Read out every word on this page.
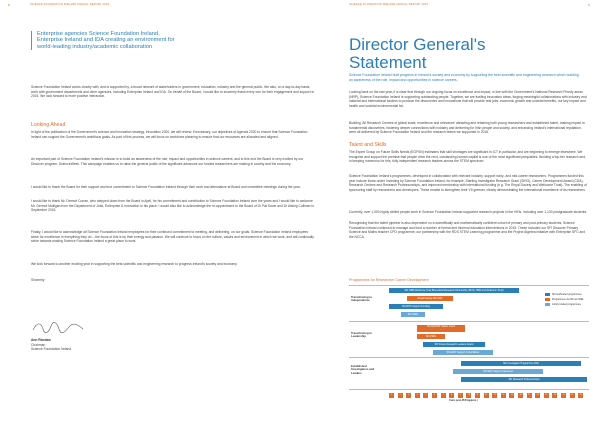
8	SCIENCE FOUNDATION IRELAND ANNUAL REPORT 2015	SCIENCE FOUNDATION IRELAND ANNUAL REPORT 2015	9
Enterprise agencies Science Foundation Ireland, Enterprise Ireland and IDA creating an environment for world-leading industry/academic collaboration

Science Foundation Ireland works closely with, and is supported by, a broad network of stakeholders in government, education, industry and the general public. We also, on a day-to-day basis, work with government departments and other agencies, including Enterprise Ireland and IDA. On behalf of the Board, I would like to sincerely thank every one for their engagement and support in 2015. We look forward to more positive interaction.

Looking Ahead

In light of the publication of the Government's science and innovation strategy, Innovation 2020, we will review, if necessary, our objectives of Agenda 2020 to ensure that Science Foundation Ireland can support the Government's ambitious goals. As part of this process, we will focus on workforce planning to ensure that our resources are allocated and aligned.

An important part of Science Foundation Ireland's mission is to build an awareness of the role, impact and opportunities in science careers, and to this end the Board is very excited by our Discover program, ScienceWeek. This campaign enables us to raise the general public of the significant advances our funded researchers are making in society and the economy.

I would like to thank the Board for their support and true commitment to Science Foundation Ireland through their work and attendance at Board and committee meetings during the year.

I would like to thank Mr. Dermot Curran, who stepped down from the Board in April, for his commitment and contribution to Science Foundation Ireland over the years and I would like to welcome Mr. Dermot Mulligan from the Department of Jobs, Enterprise & Innovation in his place. I would also like to acknowledge the re-appointment to the Board of Dr Pat Dowe and Dr Aisling Cullinan in September 2015.

Finally, I would like to acknowledge all Science Foundation Ireland employees for their continued commitment to meeting, and delivering, on our goals. Science Foundation Ireland employees strive for excellence in everything they do – the focus of this is by their energy and passion. We will continue to focus on the culture, values and environment in which we work, and will continually strive towards making Science Foundation Ireland a great place to work.

We look forward to another exciting year in supporting the best scientific and engineering research to progress Ireland's society and economy.

Sincerely

Ann Riordan

Chairman

Science Foundation Ireland

Director General's
Statement

Science Foundation Ireland built progress in Ireland's society and economy by supporting the best scientific and engineering research which building an awareness of the role, impact and opportunities in science careers.

Looking back on the last year, it is clear that through our ongoing focus on excellence and impact, in line with the Government's National Research Priority areas (NRP), Science Foundation Ireland is supporting outstanding people. Together, we are fuelling innovation ideas, forging meaningful collaborations with industry and national and international funders to produce the discoveries and innovations that will provide real jobs, economic growth and societal benefits, our key impact and health and societal environmental fat.

Building 'All Research Centres of global scale, excellence and relevance' attracting and retaining both young researchers and established talent, making impact in fundamental discoveries, fostering deeper connections with industry and delivering for Irish people and society, and enhancing Ireland's international reputation, were all delivered by Science Foundation Ireland and the research teams we supported in 2015.

Talent and Skills

The Expert Group on Future Skills Needs (EGFSN) estimates that skill shortages are significant in ICT in particular, and are beginning to emerge elsewhere. We recognise and support the premise that people drive the next, outstanding human capital is one of the most significant prequisites. Building a top-tier research and, in keeping numerous for this, fully independent research leaders across the STEM spectrum.

Science Foundation Ireland's programmes, developed in collaboration with relevant industry, support early- and mid-career researchers. Programmes funded this year include those under Investing by Science Foundation Ireland, for example, Starting Investigator Research Grant (SIRG), Career Development Award (CDA), Research Centres and Research Professorships, and improved mentorship with international funding (e.g. The Royal Society and Wellcome Trust). The enabling of sponsoring staff by researchers and developers. These enable to strengthen their VII greener, clearly demonstrating the international excellence of its researchers.

Currently, over 1,000 highly skilled people work in Science Foundation Ireland supported research projects in the HEIs, including over 1,100 postgraduate students.

Recognising that the talent pipeline is also dependent on a scientifically and mathematically confident cohort of primary and post-primary students, Science Foundation Ireland continued to manage and fund a number of formal and informal education interventions in 2015. These included our SFI Discover Primary Science and Maths teacher CPD programme; our partnership with the RDS STEM Learning programme and the Project Algebra initiative with Enterprise SFC and the NCCA.

Programmes for Researcher Career Development
Transitioning to independence
Transitioning to Leadership
Established Investigators and Leaders
SFI-HRB-Wellcome Trust Biomedical Research Partnership (RCSI, HRB and Wellcome Trust)
Royal Society-SFI URF
SFI-RDS Support Funding
SFI-SIRG
SFI-ERC/RF Starter Grant
SFI-PIRG
SFI Future Research Leaders Award
SFI-ERC Support Consolidator
SFI Investigator Programme (SFI)
SFI-ERC Support Advanced
SFI Research Professorships
SFI led/funded programmes
Programmes via SFI and DEL
Jointly funded programmes
1	2	3	4	5	6	7	8	9	10	11	12	13	14	15	16	17	18	19	20	21	22	23
Years post-PhD (approx.)
